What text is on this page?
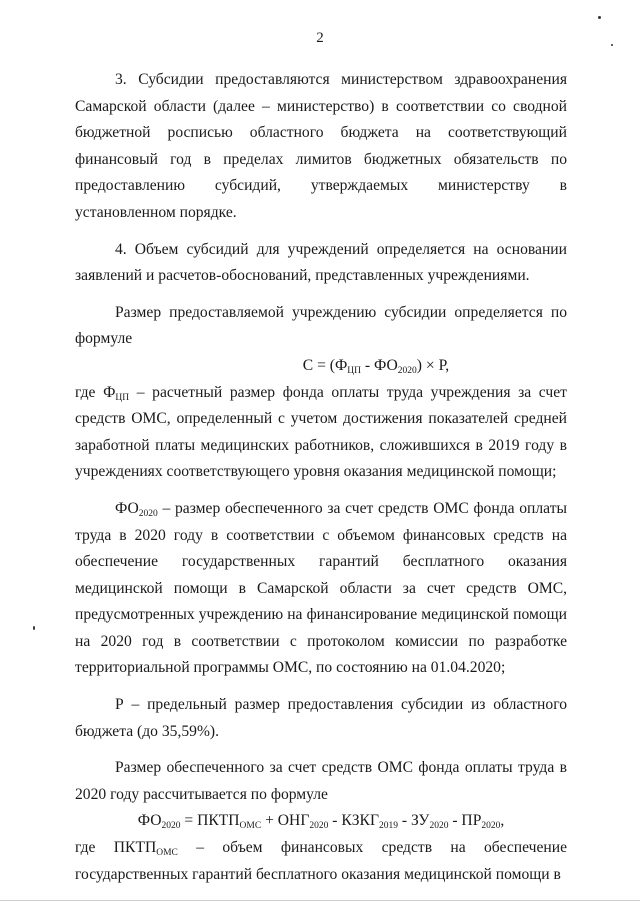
2

3. Субсидии предоставляются министерством здравоохранения Самарской области (далее – министерство) в соответствии со сводной бюджетной росписью областного бюджета на соответствующий финансовый год в пределах лимитов бюджетных обязательств по предоставлению субсидий, утверждаемых министерству в установленном порядке.

4. Объем субсидий для учреждений определяется на основании заявлений и расчетов-обоснований, представленных учреждениями.

Размер предоставляемой учреждению субсидии определяется по формуле

$С = (Ф_{ЦП} - ФО_{2020}) \times Р$,

где $Ф_{ЦП}$ – расчетный размер фонда оплаты труда учреждения за счет средств ОМС, определенный с учетом достижения показателей средней заработной платы медицинских работников, сложившихся в 2019 году в учреждениях соответствующего уровня оказания медицинской помощи;

$ФО_{2020}$ – размер обеспеченного за счет средств ОМС фонда оплаты труда в 2020 году в соответствии с объемом финансовых средств на обеспечение государственных гарантий бесплатного оказания медицинской помощи в Самарской области за счет средств ОМС, предусмотренных учреждению на финансирование медицинской помощи на 2020 год в соответствии с протоколом комиссии по разработке территориальной программы ОМС, по состоянию на 01.04.2020;

Р – предельный размер предоставления субсидии из областного бюджета (до 35,59%).

Размер обеспеченного за счет средств ОМС фонда оплаты труда в 2020 году рассчитывается по формуле

$ФО_{2020}$ = $ПКТП_{ОМС} + ОНГ_{2020}$ - $КЗКГ_{2019} - ЗУ_{2020} - ПР_{2020}$,

где $ПКТП_{ОМС}$ – объем финансовых средств на обеспечение государственных гарантий бесплатного оказания медицинской помощи в
